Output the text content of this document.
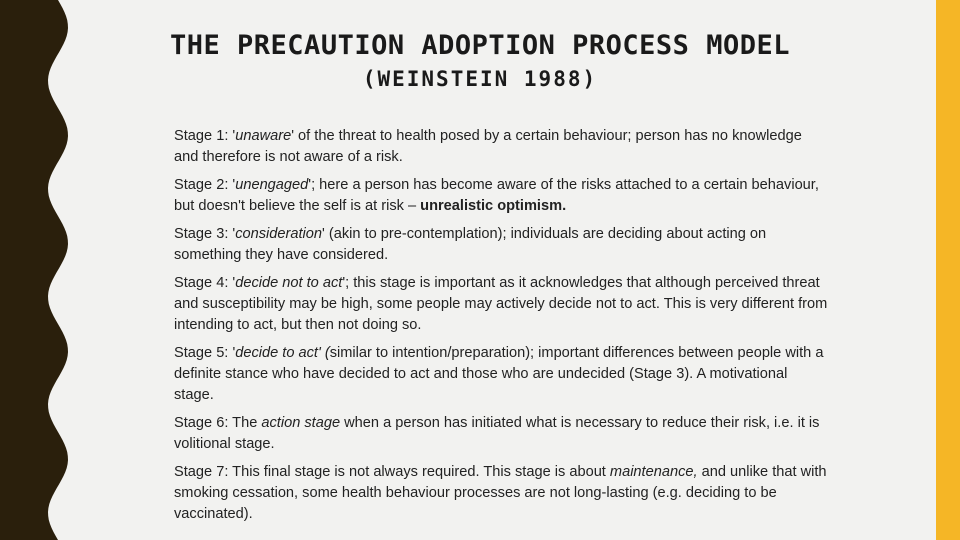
THE PRECAUTION ADOPTION PROCESS MODEL
(WEINSTEIN 1988)

Stage 1: 'unaware' of the threat to health posed by a certain behaviour; person has no knowledge and therefore is not aware of a risk.

Stage 2: 'unengaged'; here a person has become aware of the risks attached to a certain behaviour, but doesn't believe the self is at risk – unrealistic optimism.

Stage 3: 'consideration' (akin to pre-contemplation); individuals are deciding about acting on something they have considered.

Stage 4: 'decide not to act'; this stage is important as it acknowledges that although perceived threat and susceptibility may be high, some people may actively decide not to act. This is very different from intending to act, but then not doing so.

Stage 5: 'decide to act' (similar to intention/preparation); important differences between people with a definite stance who have decided to act and those who are undecided (Stage 3). A motivational stage.

Stage 6: The action stage when a person has initiated what is necessary to reduce their risk, i.e. it is volitional stage.

Stage 7: This final stage is not always required. This stage is about maintenance, and unlike that with smoking cessation, some health behaviour processes are not long-lasting (e.g. deciding to be vaccinated).
